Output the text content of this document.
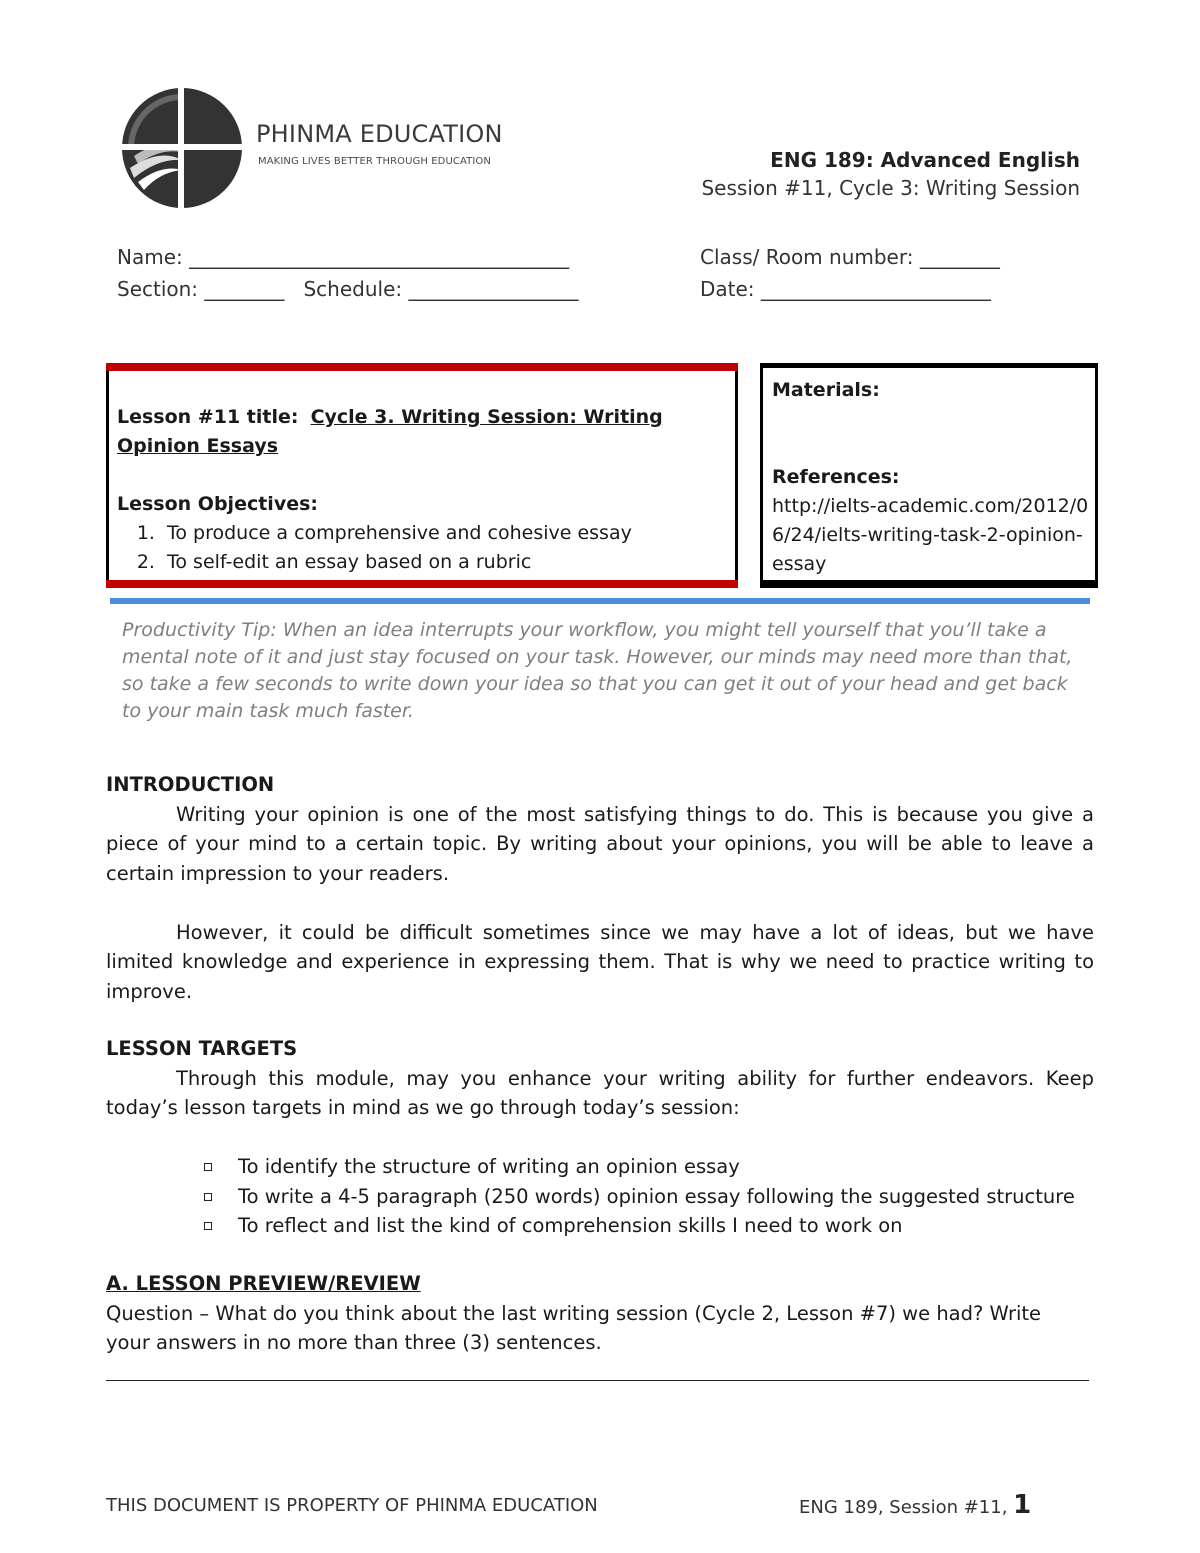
PHINMA EDUCATION
MAKING LIVES BETTER THROUGH EDUCATION	ENG 189: Advanced English
Session #11, Cycle 3: Writing Session
Name: ______________________________________
Section: ________   Schedule: _________________
Class/ Room number: ________
Date: _______________________
Lesson #11 title: Cycle 3. Writing Session: Writing Opinion Essays
Lesson Objectives:
1. To produce a comprehensive and cohesive essay
2. To self-edit an essay based on a rubric
Materials:
References:
http://ielts-academic.com/2012/06/24/ielts-writing-task-2-opinion-essay
Productivity Tip: When an idea interrupts your workflow, you might tell yourself that you’ll take a mental note of it and just stay focused on your task. However, our minds may need more than that, so take a few seconds to write down your idea so that you can get it out of your head and get back to your main task much faster.
INTRODUCTION

Writing your opinion is one of the most satisfying things to do. This is because you give a piece of your mind to a certain topic. By writing about your opinions, you will be able to leave a certain impression to your readers.

However, it could be difficult sometimes since we may have a lot of ideas, but we have limited knowledge and experience in expressing them. That is why we need to practice writing to improve.

LESSON TARGETS

Through this module, may you enhance your writing ability for further endeavors. Keep today’s lesson targets in mind as we go through today’s session:

To identify the structure of writing an opinion essay
To write a 4-5 paragraph (250 words) opinion essay following the suggested structure
To reflect and list the kind of comprehension skills I need to work on
A. LESSON PREVIEW/REVIEW
Question – What do you think about the last writing session (Cycle 2, Lesson #7) we had? Write your answers in no more than three (3) sentences.
THIS DOCUMENT IS PROPERTY OF PHINMA EDUCATION	ENG 189, Session #11, 1
